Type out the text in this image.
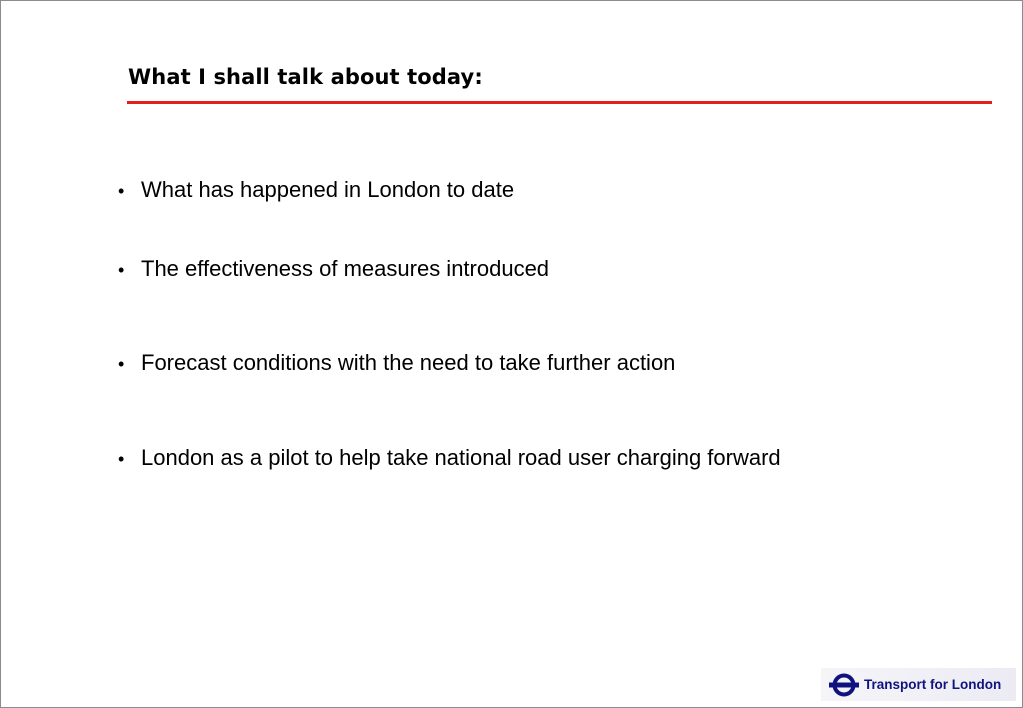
What I shall talk about today:
• What has happened in London to date
• The effectiveness of measures introduced
• Forecast conditions with the need to take further action
• London as a pilot to help take national road user charging forward
Transport for London
